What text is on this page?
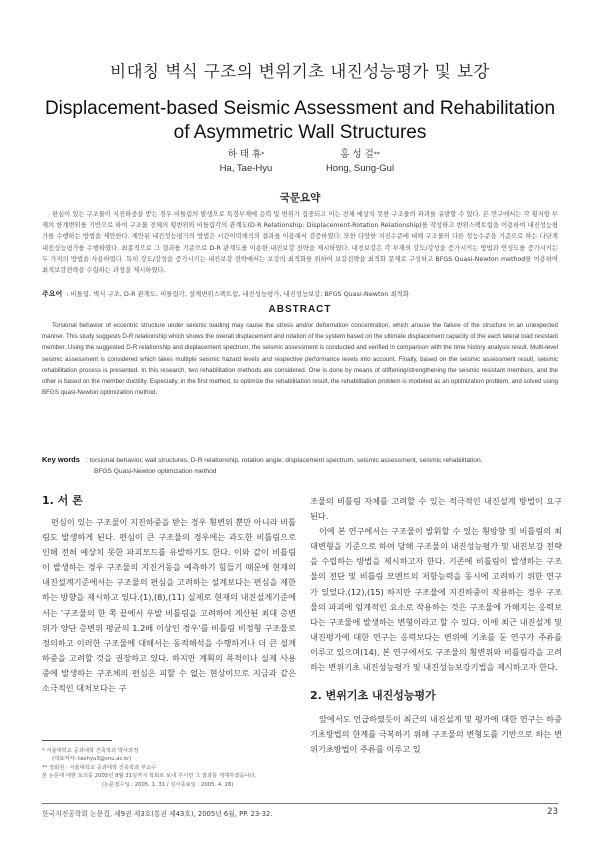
비대칭 벽식 구조의 변위기초 내진성능평가 및 보강
Displacement-based Seismic Assessment and Rehabilitation
of Asymmetric Wall Structures
하 태 휴*
Ha, Tae-Hyu
홍 성 걸**
Hong, Sung-Gul
국문요약
편심이 있는 구조물이 지진하중을 받는 경우 비틀림의 발생으로 특정부재에 응력 및 변위가 집중되고 이는 전체 예상치 못한 구조물의 파괴를 유발할 수 있다. 본 연구에서는 각 횡저항 부재의 한계변위를 기반으로 하여 구조물 전체의 횡변위와 비틀림각의 관계도(D-R Relationship: Displacement-Rotation Relationship)를 작성하고 변위스펙트럼을 이용하여 내진성능평가를 수행하는 방법을 제안한다. 제안된 내진성능평가의 방법은 시간이력해석의 결과를 이용해서 검증하였다. 또한 다양한 지진수준에 대해 구조물의 다른 성능수준을 기준으로 하는 다단계 내진성능평가를 수행하였다. 최종적으로 그 결과를 기준으로 D-R 관계도를 이용한 내진보강 전략을 제시하였다. 내진보강은 각 부재의 강도/강성을 증가시키는 방법과 연성도를 증가시키는 두 가지의 방법을 사용하였다. 특히 강도/강성을 증가시키는 내진보강 전략에서는 보강의 최적화를 위하여 보강전략을 최적화 문제로 구성하고 BFGS Quasi-Newton method를 이용하여 최적보강전략을 수립하는 과정을 제시하였다.
주요어 : 비틀림, 벽식 구조, D-R 관계도, 비틀림각, 설계변위스펙트럼, 내진성능평가, 내진성능보강, BFGS Quasi-Newton 최적화
ABSTRACT
Torsional behavior of eccentric structure under seismic loading may cause the stress and/or deformation concentration, which arouse the failure of the structure in an unexpected manner. This study suggests D-R relationship which shows the overall displacement and rotation of the system based on the ultimate displacement capacity of the each lateral load resistant member. Using the suggested D-R relationship and displacement spectrum, the seismic assessment is conducted and verified in comparison with the time history analysis result. Multi-level seismic assessment is considered which takes multiple seismic hazard levels and respective performance levels into account. Finally, based on the seismic assessment result, seismic rehabilitation process is presented. In this research, two rehabilitation methods are considered. One is done by means of stiffening/strengthening the seismic resistant members, and the other is based on the member ductility. Especially, in the first method, to optimize the rehabilitation result, the rehabilitation problem is modeled as an optimization problem, and solved using BFGS quasi-Newton optimization method.
Key words : torsional behavior, wall structures, D-R relationship, rotation angle, displacement spectrum, seismic assessment, seismic rehabilitation,
BFGS Quasi-Newton optimization method
1. 서 론

편심이 있는 구조물이 지진하중을 받는 경우 횡변위 뿐만 아니라 비틀림도 발생하게 된다. 편심이 큰 구조물의 경우에는 과도한 비틀림으로 인해 전혀 예상치 못한 파괴모드를 유발하기도 한다. 이와 같이 비틀림이 발생하는 경우 구조물의 지진거동을 예측하기 힘들기 때문에 현재의 내진설계기준에서는 구조물의 편심을 고려하는 설계보다는 편심을 제한하는 방향을 제시하고 있다.(1),(8),(11) 실제로 현재의 내진설계기준에서는 '구조물의 한 쪽 끝에서 우발 비틀림을 고려하여 계산된 최대 층변위가 양단 층변위 평균의 1.2배 이상인 경우'를 비틀림 비정형 구조물로 정의하고 이러한 구조물에 대해서는 동적해석을 수행하거나 더 큰 설계하중을 고려할 것을 권장하고 있다. 하지만 계획의 목적이나 실제 사용 중에 발생하는 구조체의 편심은 피할 수 없는 현상이므로 지금과 같은 소극적인 대처보다는 구

조물의 비틀림 자체를 고려할 수 있는 적극적인 내진설계 방법이 요구된다.

이에 본 연구에서는 구조물이 발휘할 수 있는 횡방향 및 비틀림의 최대변형을 기준으로 하여 당해 구조물의 내진성능평가 및 내진보강 전략을 수립하는 방법을 제시하고자 한다. 기존에 비틀림이 발생하는 구조물의 전단 및 비틀림 모멘트의 저항능력을 동시에 고려하기 위한 연구가 있었다.(12),(15) 하지만 구조물에 지진하중이 작용하는 경우 구조물의 파괴에 임계적인 요소로 작용하는 것은 구조물에 가해지는 응력보다는 구조물에 발생하는 변형이라고 할 수 있다. 이에 최근 내진설계 및 내진평가에 대한 연구는 응력보다는 변위에 기초를 둔 연구가 주류를 이루고 있으며(14), 본 연구에서도 구조물의 횡변위와 비틀림각을 고려하는 변위기초 내진성능평가 및 내진성능보강기법을 제시하고자 한다.

2. 변위기초 내진성능평가

앞에서도 언급하였듯이 최근의 내진설계 및 평가에 대한 연구는 하중기초방법의 한계를 극복하기 위해 구조물의 변형도를 기반으로 하는 변위기초방법이 주류를 이루고 있

* 서울대학교 공과대학 건축학과 박사과정
(대표저자: taehyu3@snu.ac.kr)
** 정회원 · 서울대학교 공과대학 건축학과 부교수
본 논문에 대한 토의를 2005년 8월 31일까지 학회로 보내 주시면 그 결과를 게재하겠습니다.
(논문접수일 : 2005. 1. 31 / 심사종료일 : 2005. 4. 28)
한국지진공학회 논문집, 제9권 제3호(통권 제43호), 2005년 6월, PP. 23-32.	23
